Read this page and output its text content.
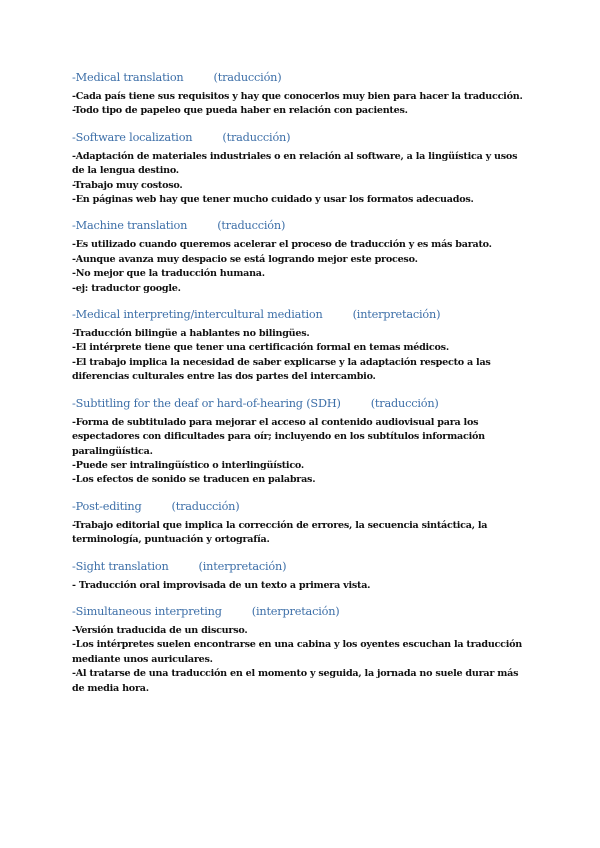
-Medical translation	(traducción)
-Cada país tiene sus requisitos y hay que conocerlos muy bien para hacer la traducción.
-Todo tipo de papeleo que pueda haber en relación con pacientes.
-Software localization	(traducción)
-Adaptación de materiales industriales o en relación al software, a la lingüística y usos de la lengua destino.
-Trabajo muy costoso.
-En páginas web hay que tener mucho cuidado y usar los formatos adecuados.
-Machine translation	(traducción)
-Es utilizado cuando queremos acelerar el proceso de traducción y es más barato.
-Aunque avanza muy despacio se está logrando mejor este proceso.
-No mejor que la traducción humana.
-ej: traductor google.
-Medical interpreting/intercultural mediation	(interpretación)
-Traducción bilingüe a hablantes no bilingües.
-El intérprete tiene que tener una certificación formal en temas médicos.
-El trabajo implica la necesidad de saber explicarse y la adaptación respecto a las diferencias culturales entre las dos partes del intercambio.
-Subtitling for the deaf or hard-of-hearing (SDH)	(traducción)
-Forma de subtitulado para mejorar el acceso al contenido audiovisual para los espectadores con dificultades para oír; incluyendo en los subtítulos información paralingüística.
-Puede ser intralingüístico o interlingüístico.
-Los efectos de sonido se traducen en palabras.
-Post-editing	(traducción)
-Trabajo editorial que implica la corrección de errores, la secuencia sintáctica, la terminología, puntuación y ortografía.
-Sight translation	(interpretación)
- Traducción oral improvisada de un texto a primera vista.
-Simultaneous interpreting	(interpretación)
-Versión traducida de un discurso.
-Los intérpretes suelen encontrarse en una cabina y los oyentes escuchan la traducción mediante unos auriculares.
-Al tratarse de una traducción en el momento y seguida, la jornada no suele durar más de media hora.
